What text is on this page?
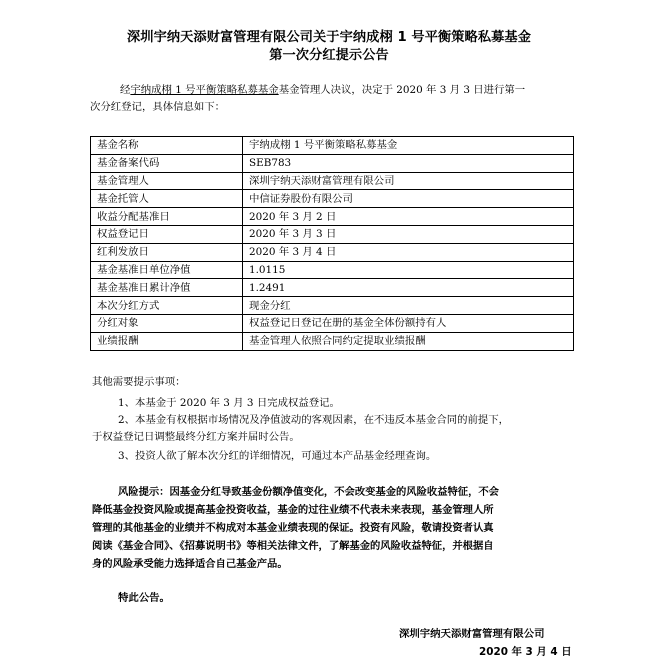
深圳宇纳天添财富管理有限公司关于宇纳成栩 1 号平衡策略私募基金
第一次分红提示公告
经宇纳成栩 1 号平衡策略私募基金基金管理人决议，决定于 2020 年 3 月 3 日进行第一
次分红登记，具体信息如下：
基金名称	宇纳成栩 1 号平衡策略私募基金
基金备案代码	SEB783
基金管理人	深圳宇纳天添财富管理有限公司
基金托管人	中信证券股份有限公司
收益分配基准日	2020 年 3 月 2 日
权益登记日	2020 年 3 月 3 日
红利发放日	2020 年 3 月 4 日
基金基准日单位净值	1.0115
基金基准日累计净值	1.2491
本次分红方式	现金分红
分红对象	权益登记日登记在册的基金全体份额持有人
业绩报酬	基金管理人依照合同约定提取业绩报酬
其他需要提示事项：
1、本基金于 2020 年 3 月 3 日完成权益登记。
2、本基金有权根据市场情况及净值波动的客观因素，在不违反本基金合同的前提下，
于权益登记日调整最终分红方案并届时公告。
3、投资人欲了解本次分红的详细情况，可通过本产品基金经理查询。
风险提示：因基金分红导致基金份额净值变化，不会改变基金的风险收益特征，不会
降低基金投资风险或提高基金投资收益，基金的过往业绩不代表未来表现，基金管理人所
管理的其他基金的业绩并不构成对本基金业绩表现的保证。投资有风险，敬请投资者认真
阅读《基金合同》、《招募说明书》等相关法律文件，了解基金的风险收益特征，并根据自
身的风险承受能力选择适合自己基金产品。
特此公告。
深圳宇纳天添财富管理有限公司
2020 年 3 月 4 日
